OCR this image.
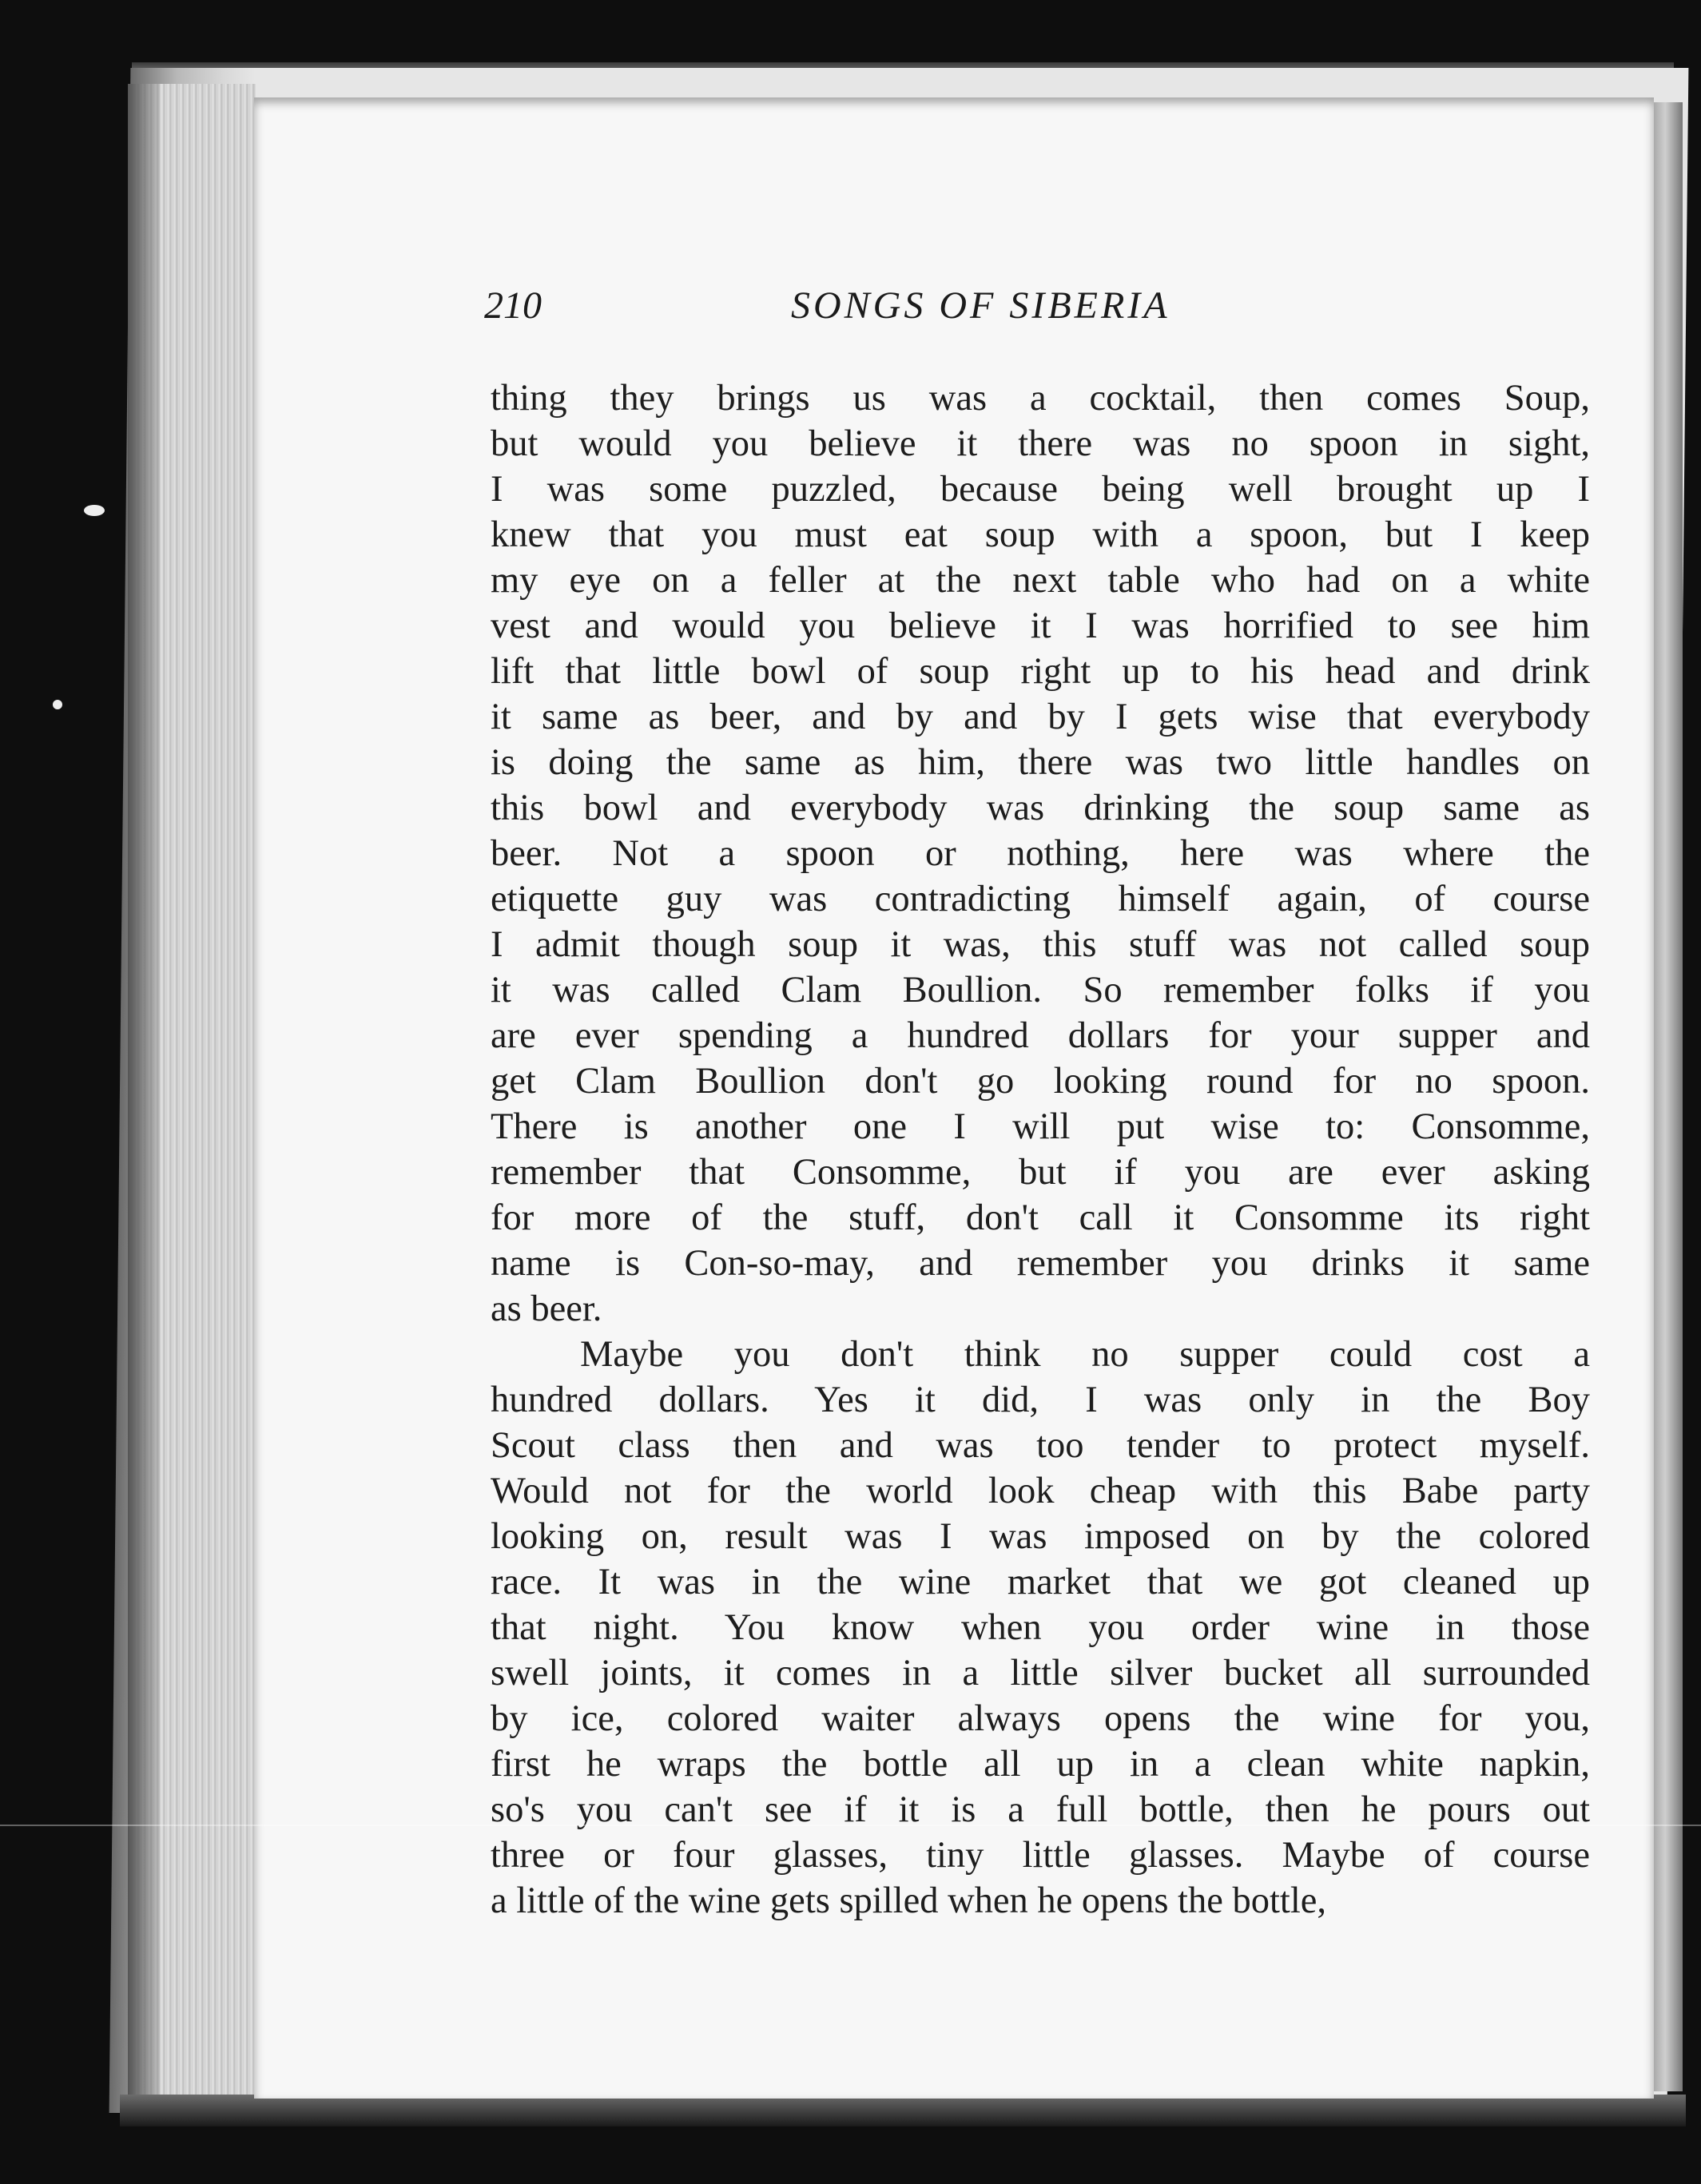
210	SONGS OF SIBERIA
thing they brings us was a cocktail, then comes Soup,
but would you believe it there was no spoon in sight,
I was some puzzled, because being well brought up I
knew that you must eat soup with a spoon, but I keep
my eye on a feller at the next table who had on a white
vest and would you believe it I was horrified to see him
lift that little bowl of soup right up to his head and drink
it same as beer, and by and by I gets wise that everybody
is doing the same as him, there was two little handles on
this bowl and everybody was drinking the soup same as
beer. Not a spoon or nothing, here was where the
etiquette guy was contradicting himself again, of course
I admit though soup it was, this stuff was not called soup
it was called Clam Boullion. So remember folks if you
are ever spending a hundred dollars for your supper and
get Clam Boullion don't go looking round for no spoon.
There is another one I will put wise to: Consomme,
remember that Consomme, but if you are ever asking
for more of the stuff, don't call it Consomme its right
name is Con-so-may, and remember you drinks it same
as beer.
Maybe you don't think no supper could cost a
hundred dollars. Yes it did, I was only in the Boy
Scout class then and was too tender to protect myself.
Would not for the world look cheap with this Babe party
looking on, result was I was imposed on by the colored
race. It was in the wine market that we got cleaned up
that night. You know when you order wine in those
swell joints, it comes in a little silver bucket all surrounded
by ice, colored waiter always opens the wine for you,
first he wraps the bottle all up in a clean white napkin,
so's you can't see if it is a full bottle, then he pours out
three or four glasses, tiny little glasses. Maybe of course
a little of the wine gets spilled when he opens the bottle,
